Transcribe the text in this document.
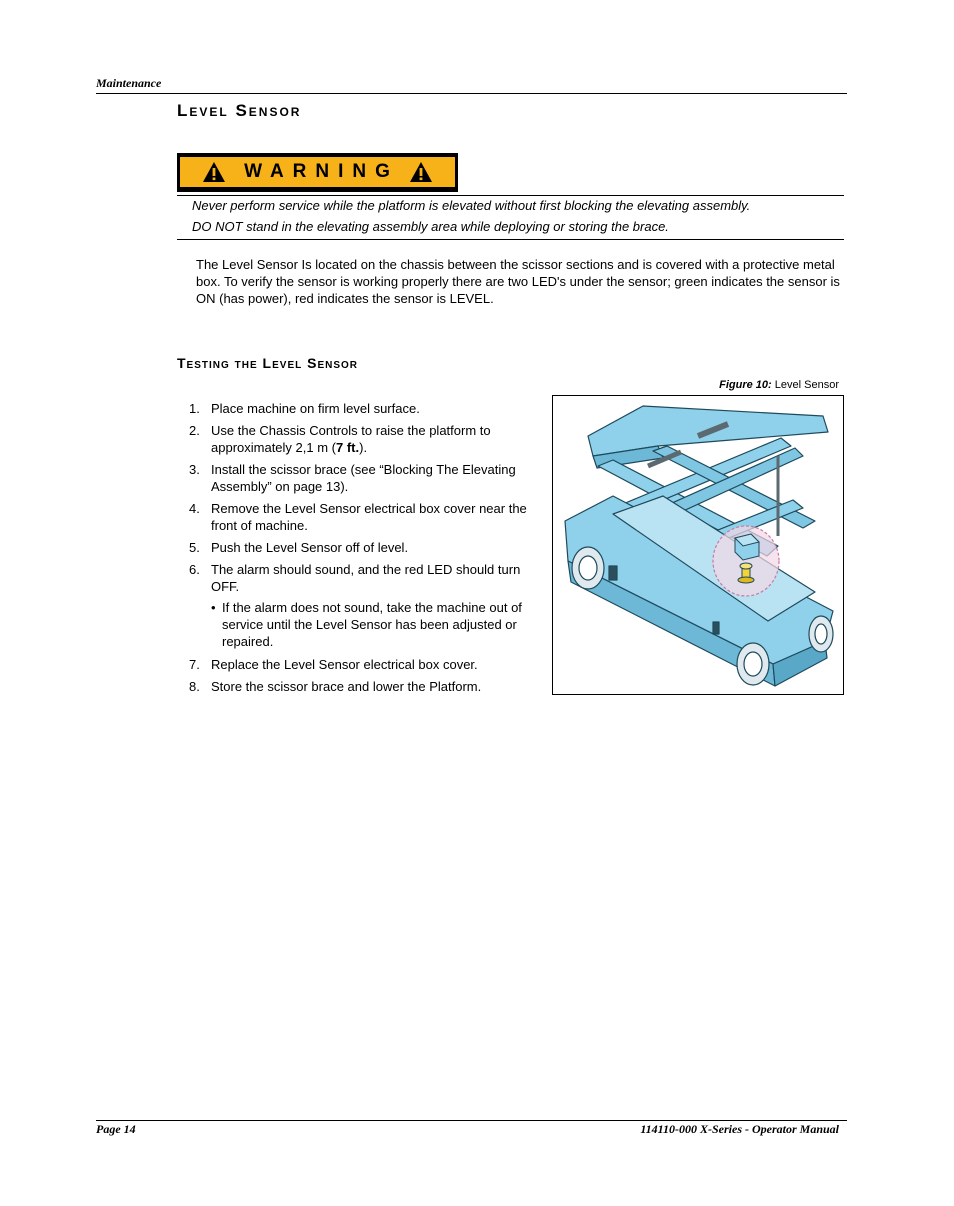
Maintenance
Level Sensor
WARNING
Never perform service while the platform is elevated without first blocking the elevating assembly.
DO NOT stand in the elevating assembly area while deploying or storing the brace.
The Level Sensor Is located on the chassis between the scissor sections and is covered with a protective metal box. To verify the sensor is working properly there are two LED's under the sensor; green indicates the sensor is ON (has power), red indicates the sensor is LEVEL.
Testing the Level Sensor
Figure 10: Level Sensor
1. Place machine on firm level surface.
2. Use the Chassis Controls to raise the platform to approximately 2,1 m (7 ft.).
3. Install the scissor brace (see “Blocking The Elevating Assembly” on page 13).
4. Remove the Level Sensor electrical box cover near the front of machine.
5. Push the Level Sensor off of level.
6. The alarm should sound, and the red LED should turn OFF.
• If the alarm does not sound, take the machine out of service until the Level Sensor has been adjusted or repaired.
7. Replace the Level Sensor electrical box cover.
8. Store the scissor brace and lower the Platform.
Page 14	114110-000 X-Series - Operator Manual
